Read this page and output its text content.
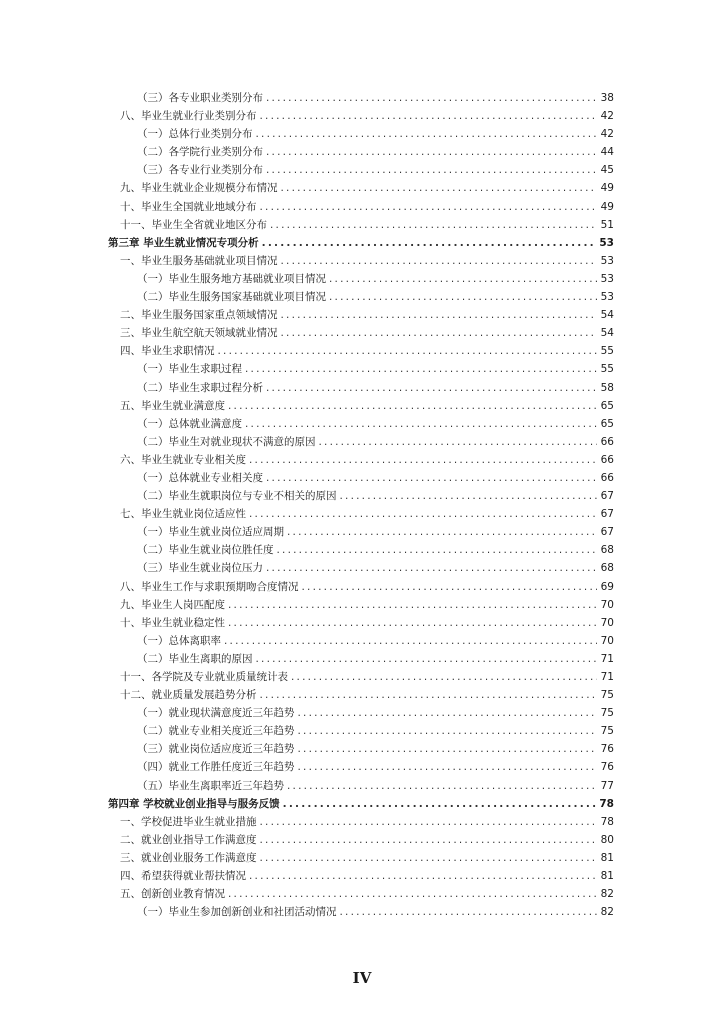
（三）各专业职业类别分布 .....	38
八、毕业生就业行业类别分布 .....	42
（一）总体行业类别分布 .....	42
（二）各学院行业类别分布 .....	44
（三）各专业行业类别分布 .....	45
九、毕业生就业企业规模分布情况 .....	49
十、毕业生全国就业地域分布 .....	49
十一、毕业生全省就业地区分布 .....	51
第三章 毕业生就业情况专项分析 .....	53
一、毕业生服务基础就业项目情况 .....	53
（一）毕业生服务地方基础就业项目情况 .....	53
（二）毕业生服务国家基础就业项目情况 .....	53
二、毕业生服务国家重点领域情况 .....	54
三、毕业生航空航天领域就业情况 .....	54
四、毕业生求职情况 .....	55
（一）毕业生求职过程 .....	55
（二）毕业生求职过程分析 .....	58
五、毕业生就业满意度 .....	65
（一）总体就业满意度 .....	65
（二）毕业生对就业现状不满意的原因 .....	66
六、毕业生就业专业相关度 .....	66
（一）总体就业专业相关度 .....	66
（二）毕业生就职岗位与专业不相关的原因 .....	67
七、毕业生就业岗位适应性 .....	67
（一）毕业生就业岗位适应周期 .....	67
（二）毕业生就业岗位胜任度 .....	68
（三）毕业生就业岗位压力 .....	68
八、毕业生工作与求职预期吻合度情况 .....	69
九、毕业生人岗匹配度 .....	70
十、毕业生就业稳定性 .....	70
（一）总体离职率 .....	70
（二）毕业生离职的原因 .....	71
十一、各学院及专业就业质量统计表 .....	71
十二、就业质量发展趋势分析 .....	75
（一）就业现状满意度近三年趋势 .....	75
（二）就业专业相关度近三年趋势 .....	75
（三）就业岗位适应度近三年趋势 .....	76
（四）就业工作胜任度近三年趋势 .....	76
（五）毕业生离职率近三年趋势 .....	77
第四章 学校就业创业指导与服务反馈 .....	78
一、学校促进毕业生就业措施 .....	78
二、就业创业指导工作满意度 .....	80
三、就业创业服务工作满意度 .....	81
四、希望获得就业帮扶情况 .....	81
五、创新创业教育情况 .....	82
（一）毕业生参加创新创业和社团活动情况 .....	82
IV
